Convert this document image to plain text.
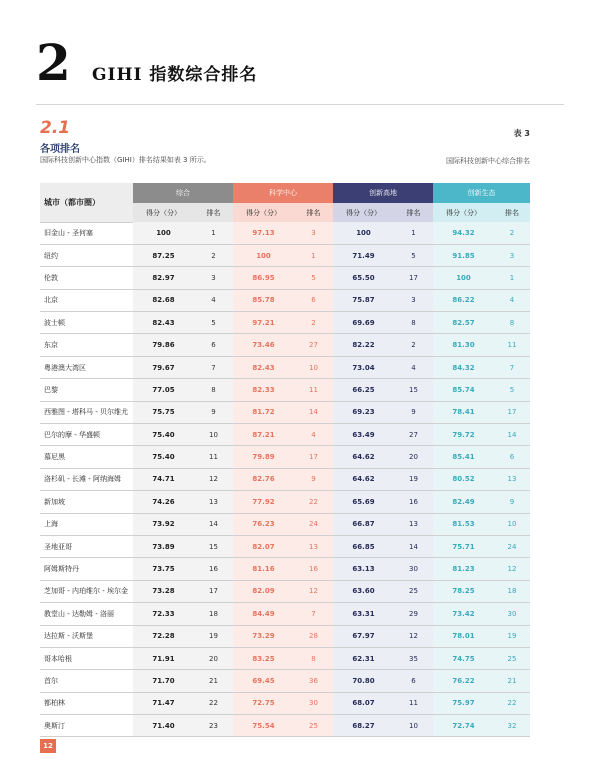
2 GIHI 指数综合排名
2.1
各项排名
国际科技创新中心指数（GIHI）排名结果如表 3 所示。
表 3
国际科技创新中心综合排名
城市（都市圈）	综合		科学中心		创新高地		创新生态	
	得分（分）	排名	得分（分）	排名	得分（分）	排名	得分（分）	排名
旧金山 - 圣何塞	100	1	97.13	3	100	1	94.32	2
纽约	87.25	2	100	1	71.49	5	91.85	3
伦敦	82.97	3	86.95	5	65.50	17	100	1
北京	82.68	4	85.78	6	75.87	3	86.22	4
波士顿	82.43	5	97.21	2	69.69	8	82.57	8
东京	79.86	6	73.46	27	82.22	2	81.30	11
粤港澳大湾区	79.67	7	82.43	10	73.04	4	84.32	7
巴黎	77.05	8	82.33	11	66.25	15	85.74	5
西雅图 - 塔科马 - 贝尔维尤	75.75	9	81.72	14	69.23	9	78.41	17
巴尔的摩 - 华盛顿	75.40	10	87.21	4	63.49	27	79.72	14
慕尼黑	75.40	11	79.89	17	64.62	20	85.41	6
洛杉矶 - 长滩 - 阿纳海姆	74.71	12	82.76	9	64.62	19	80.52	13
新加坡	74.26	13	77.92	22	65.69	16	82.49	9
上海	73.92	14	76.23	24	66.87	13	81.53	10
圣地亚哥	73.89	15	82.07	13	66.85	14	75.71	24
阿姆斯特丹	73.75	16	81.16	16	63.13	30	81.23	12
芝加哥 - 内珀维尔 - 埃尔金	73.28	17	82.09	12	63.60	25	78.25	18
教堂山 - 达勒姆 - 洛丽	72.33	18	84.49	7	63.31	29	73.42	30
达拉斯 - 沃斯堡	72.28	19	73.29	28	67.97	12	78.01	19
哥本哈根	71.91	20	83.25	8	62.31	35	74.75	25
首尔	71.70	21	69.45	36	70.80	6	76.22	21
都柏林	71.47	22	72.75	30	68.07	11	75.97	22
奥斯汀	71.40	23	75.54	25	68.27	10	72.74	32
12
